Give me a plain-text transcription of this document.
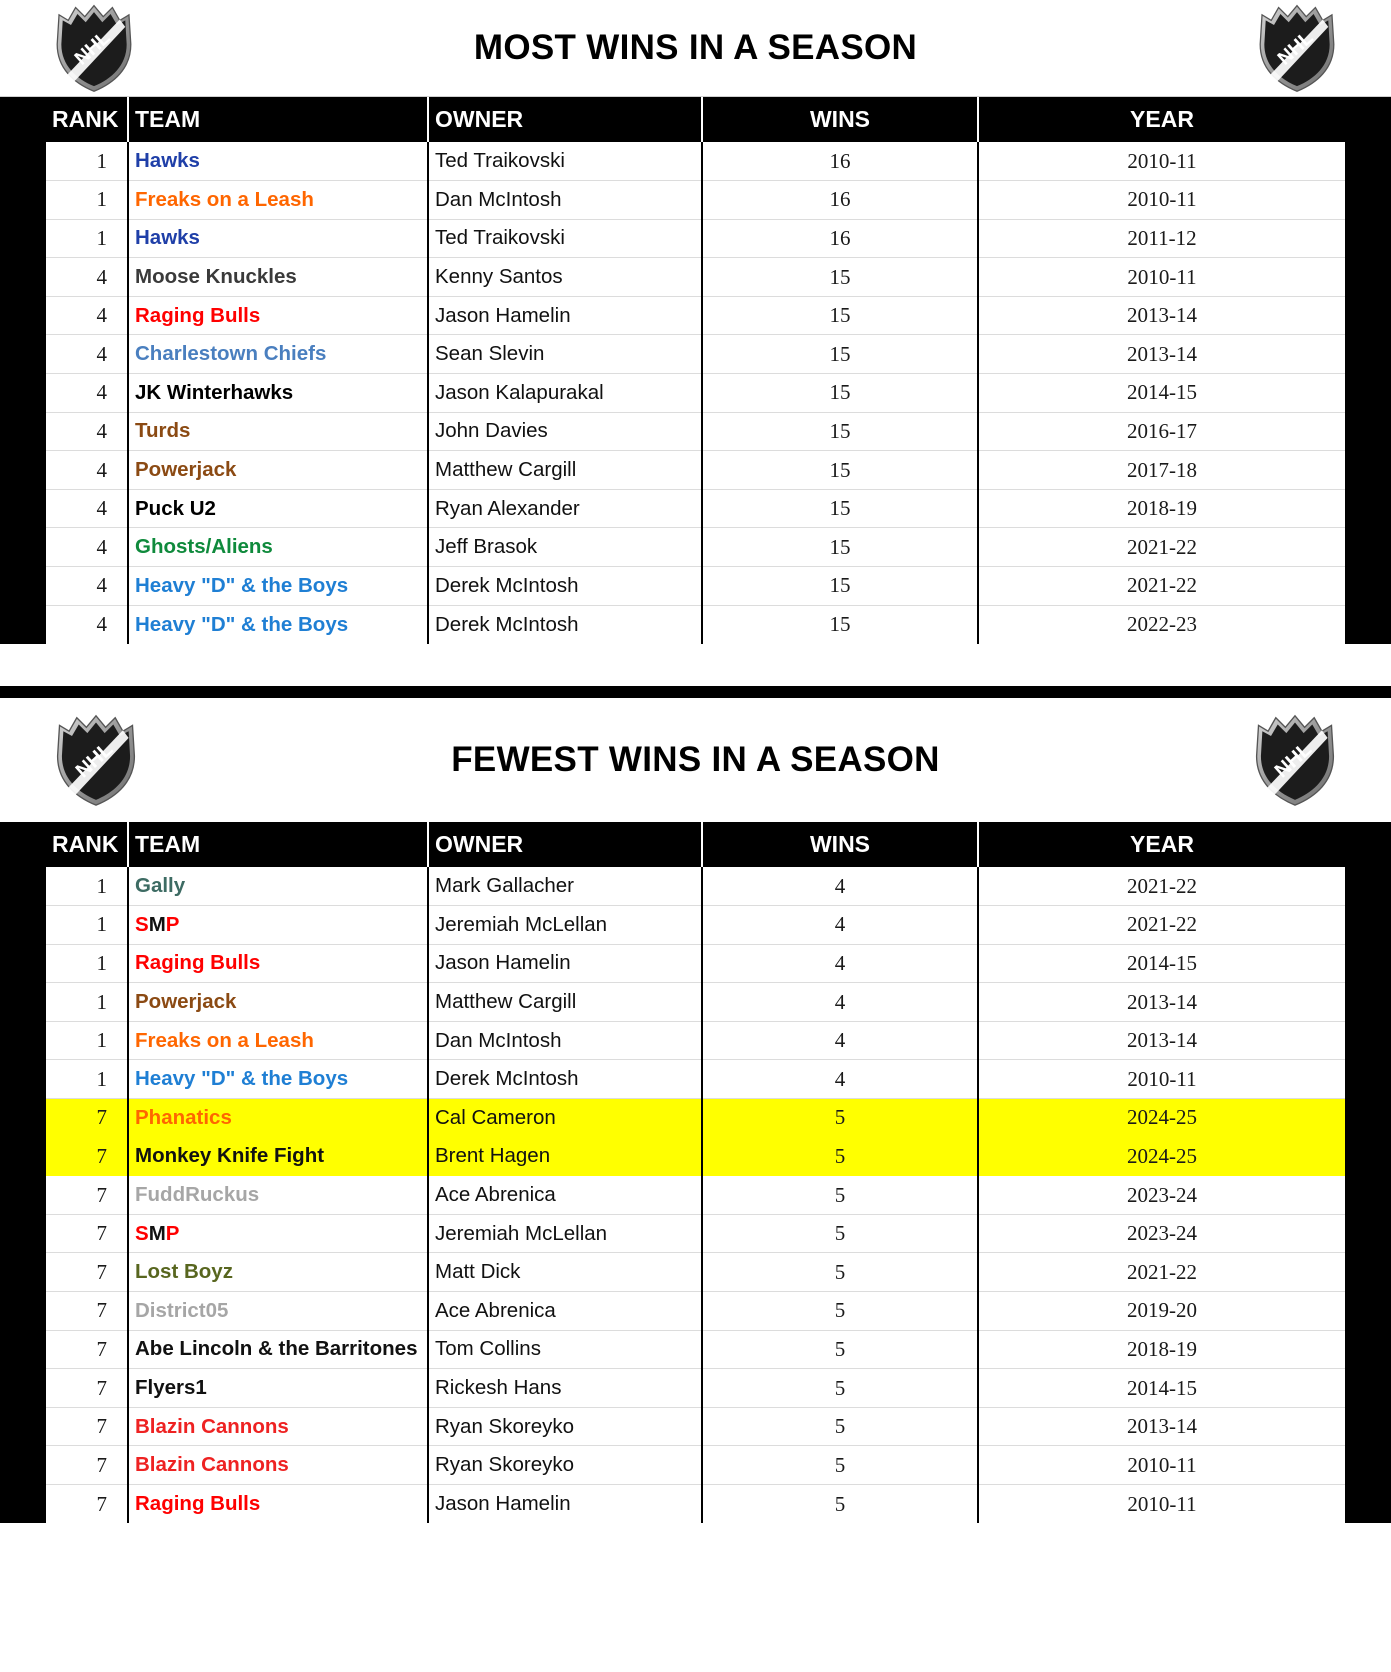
NHL	MOST WINS IN A SEASON	NHL
RANK	TEAM	OWNER	WINS	YEAR
1	Hawks	Ted Traikovski	16	2010-11
1	Freaks on a Leash	Dan McIntosh	16	2010-11
1	Hawks	Ted Traikovski	16	2011-12
4	Moose Knuckles	Kenny Santos	15	2010-11
4	Raging Bulls	Jason Hamelin	15	2013-14
4	Charlestown Chiefs	Sean Slevin	15	2013-14
4	JK Winterhawks	Jason Kalapurakal	15	2014-15
4	Turds	John Davies	15	2016-17
4	Powerjack	Matthew Cargill	15	2017-18
4	Puck U2	Ryan Alexander	15	2018-19
4	Ghosts/Aliens	Jeff Brasok	15	2021-22
4	Heavy "D" & the Boys	Derek McIntosh	15	2021-22
4	Heavy "D" & the Boys	Derek McIntosh	15	2022-23
NHL	FEWEST WINS IN A SEASON	NHL
RANK	TEAM	OWNER	WINS	YEAR
1	Gally	Mark Gallacher	4	2021-22
1	SMP	Jeremiah McLellan	4	2021-22
1	Raging Bulls	Jason Hamelin	4	2014-15
1	Powerjack	Matthew Cargill	4	2013-14
1	Freaks on a Leash	Dan McIntosh	4	2013-14
1	Heavy "D" & the Boys	Derek McIntosh	4	2010-11
7	Phanatics	Cal Cameron	5	2024-25
7	Monkey Knife Fight	Brent Hagen	5	2024-25
7	FuddRuckus	Ace Abrenica	5	2023-24
7	SMP	Jeremiah McLellan	5	2023-24
7	Lost Boyz	Matt Dick	5	2021-22
7	District05	Ace Abrenica	5	2019-20
7	Abe Lincoln & the Barritones	Tom Collins	5	2018-19
7	Flyers1	Rickesh Hans	5	2014-15
7	Blazin Cannons	Ryan Skoreyko	5	2013-14
7	Blazin Cannons	Ryan Skoreyko	5	2010-11
7	Raging Bulls	Jason Hamelin	5	2010-11
